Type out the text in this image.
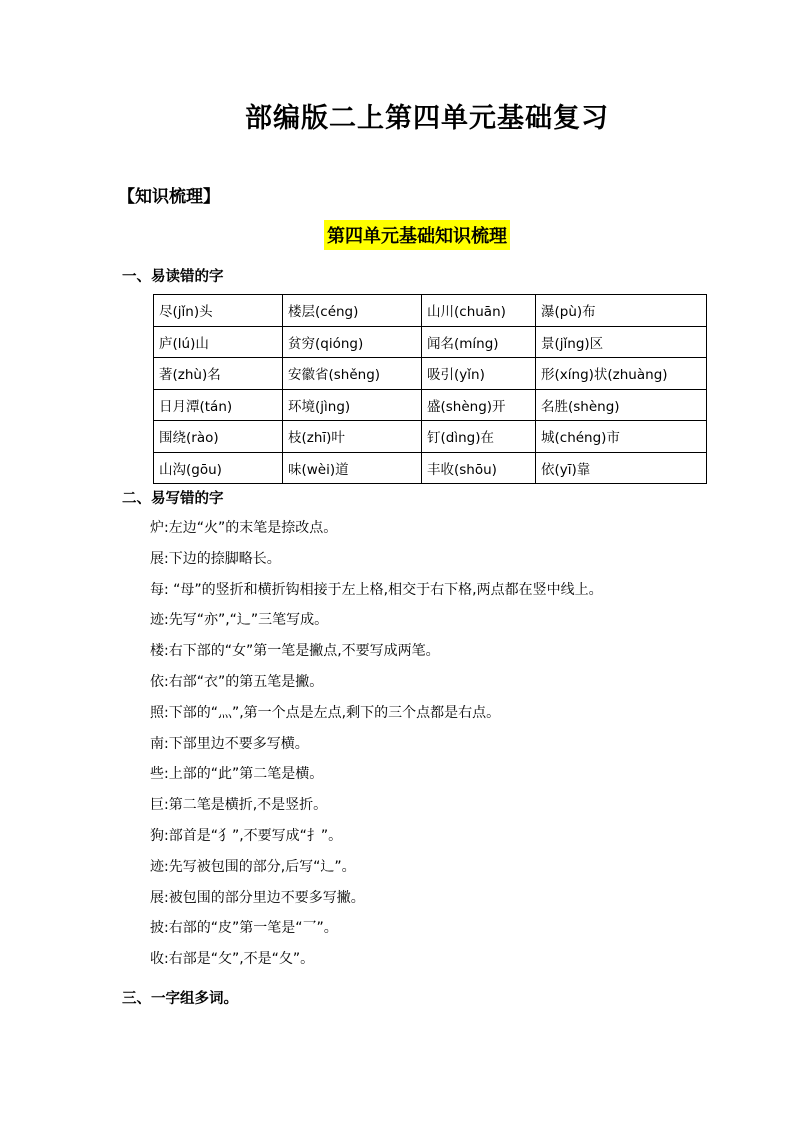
部编版二上第四单元基础复习
【知识梳理】
第四单元基础知识梳理
一、易读错的字
尽(jǐn)头	楼层(céng)	山川(chuān)	瀑(pù)布
庐(lú)山	贫穷(qióng)	闻名(míng)	景(jǐng)区
著(zhù)名	安徽省(shěng)	吸引(yǐn)	形(xíng)状(zhuàng)
日月潭(tán)	环境(jìng)	盛(shèng)开	名胜(shèng)
围绕(rào)	枝(zhī)叶	钉(dìng)在	城(chéng)市
山沟(gōu)	味(wèi)道	丰收(shōu)	依(yī)靠
二、易写错的字
炉:左边“火”的末笔是捺改点。
展:下边的捺脚略长。
每: “母”的竖折和横折钩相接于左上格,相交于右下格,两点都在竖中线上。
迹:先写“亦”,“辶”三笔写成。
楼:右下部的“女”第一笔是撇点,不要写成两笔。
依:右部“衣”的第五笔是撇。
照:下部的“灬”,第一个点是左点,剩下的三个点都是右点。
南:下部里边不要多写横。
些:上部的“此”第二笔是横。
巨:第二笔是横折,不是竖折。
狗:部首是“犭”,不要写成“扌”。
迹:先写被包围的部分,后写“辶”。
展:被包围的部分里边不要多写撇。
披:右部的“皮”第一笔是“乛”。
收:右部是“攵”,不是“夂”。
三、一字组多词。
